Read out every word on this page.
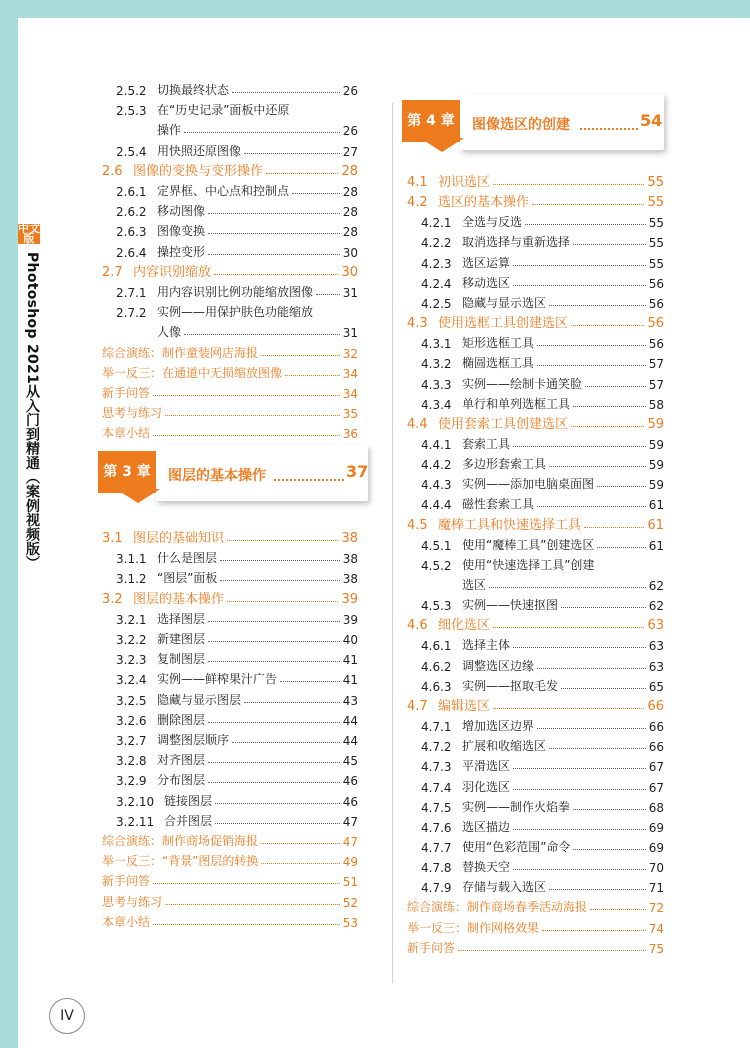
中文版
Photoshop 2021从入门到精通（案例视频版）
IV
2.5.2 切换最终状态	26
2.5.3 在“历史记录”面板中还原
操作	26
2.5.4 用快照还原图像	27
2.6 图像的变换与变形操作	28
2.6.1 定界框、中心点和控制点	28
2.6.2 移动图像	28
2.6.3 图像变换	28
2.6.4 操控变形	30
2.7 内容识别缩放	30
2.7.1 用内容识别比例功能缩放图像 31
2.7.2 实例——用保护肤色功能缩放
人像	31
综合演练：制作童装网店海报	32
举一反三：在通道中无损缩放图像	34
新手问答	34
思考与练习	35
本章小结	36
第 3 章	图层的基本操作	37
3.1 图层的基础知识	38
3.1.1 什么是图层	38
3.1.2 “图层”面板	38
3.2 图层的基本操作	39
3.2.1 选择图层	39
3.2.2 新建图层	40
3.2.3 复制图层	41
3.2.4 实例——鲜榨果汁广告	41
3.2.5 隐藏与显示图层	43
3.2.6 删除图层	44
3.2.7 调整图层顺序	44
3.2.8 对齐图层	45
3.2.9 分布图层	46
3.2.10 链接图层	46
3.2.11 合并图层	47
综合演练：制作商场促销海报	47
举一反三：“背景”图层的转换	49
新手问答	51
思考与练习	52
本章小结	53
第 4 章	图像选区的创建	54
4.1 初识选区	55
4.2 选区的基本操作	55
4.2.1 全选与反选	55
4.2.2 取消选择与重新选择	55
4.2.3 选区运算	55
4.2.4 移动选区	56
4.2.5 隐藏与显示选区	56
4.3 使用选框工具创建选区	56
4.3.1 矩形选框工具	56
4.3.2 椭圆选框工具	57
4.3.3 实例——绘制卡通笑脸	57
4.3.4 单行和单列选框工具	58
4.4 使用套索工具创建选区	59
4.4.1 套索工具	59
4.4.2 多边形套索工具	59
4.4.3 实例——添加电脑桌面图	59
4.4.4 磁性套索工具	61
4.5 魔棒工具和快速选择工具	61
4.5.1 使用“魔棒工具”创建选区	61
4.5.2 使用“快速选择工具”创建
选区	62
4.5.3 实例——快速抠图	62
4.6 细化选区	63
4.6.1 选择主体	63
4.6.2 调整选区边缘	63
4.6.3 实例——抠取毛发	65
4.7 编辑选区	66
4.7.1 增加选区边界	66
4.7.2 扩展和收缩选区	66
4.7.3 平滑选区	67
4.7.4 羽化选区	67
4.7.5 实例——制作火焰拳	68
4.7.6 选区描边	69
4.7.7 使用“色彩范围”命令	69
4.7.8 替换天空	70
4.7.9 存储与载入选区	71
综合演练：制作商场春季活动海报	72
举一反三：制作网格效果	74
新手问答	75
